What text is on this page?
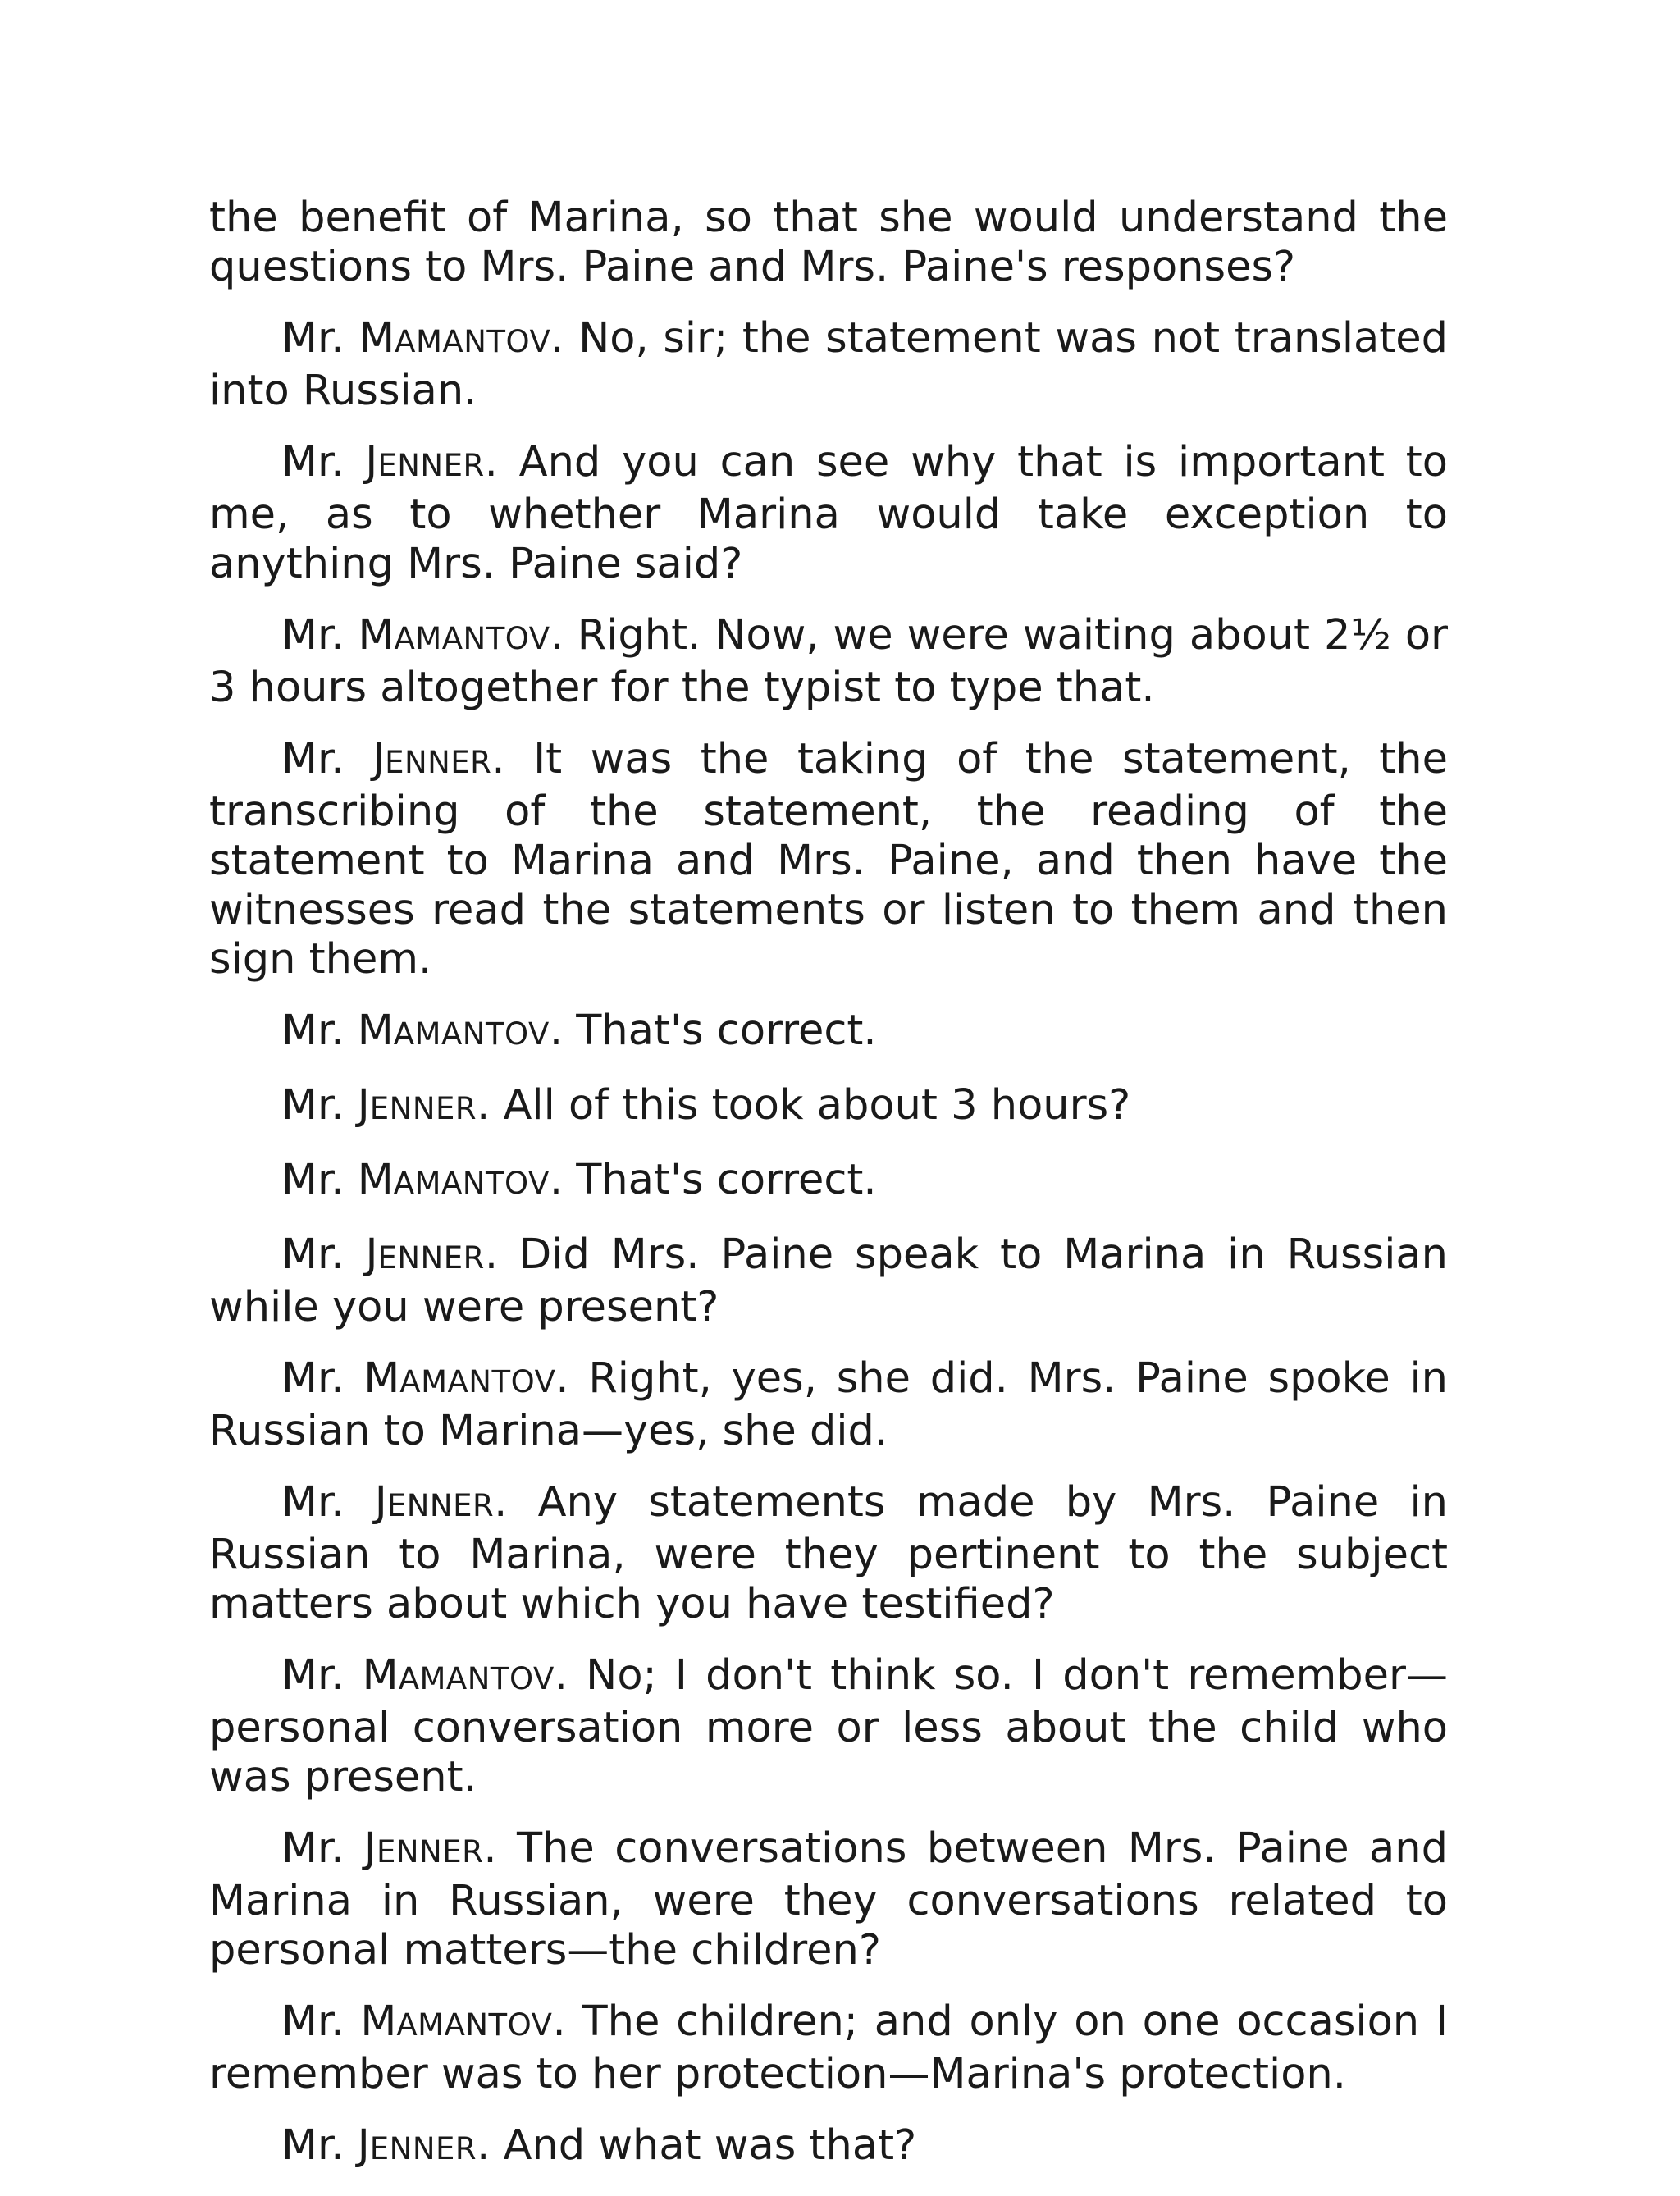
the benefit of Marina, so that she would understand the questions to Mrs. Paine and Mrs. Paine's responses?

Mr. MAMANTOV. No, sir; the statement was not translated into Russian.

Mr. JENNER. And you can see why that is important to me, as to whether Marina would take exception to anything Mrs. Paine said?

Mr. MAMANTOV. Right. Now, we were waiting about 2½ or 3 hours altogether for the typist to type that.

Mr. JENNER. It was the taking of the statement, the transcribing of the statement, the reading of the statement to Marina and Mrs. Paine, and then have the witnesses read the statements or listen to them and then sign them.

Mr. MAMANTOV. That's correct.

Mr. JENNER. All of this took about 3 hours?

Mr. MAMANTOV. That's correct.

Mr. JENNER. Did Mrs. Paine speak to Marina in Russian while you were present?

Mr. MAMANTOV. Right, yes, she did. Mrs. Paine spoke in Russian to Marina—yes, she did.

Mr. JENNER. Any statements made by Mrs. Paine in Russian to Marina, were they pertinent to the subject matters about which you have testified?

Mr. MAMANTOV. No; I don't think so. I don't remember—personal conversation more or less about the child who was present.

Mr. JENNER. The conversations between Mrs. Paine and Marina in Russian, were they conversations related to personal matters—the children?

Mr. MAMANTOV. The children; and only on one occasion I remember was to her protection—Marina's protection.

Mr. JENNER. And what was that?
